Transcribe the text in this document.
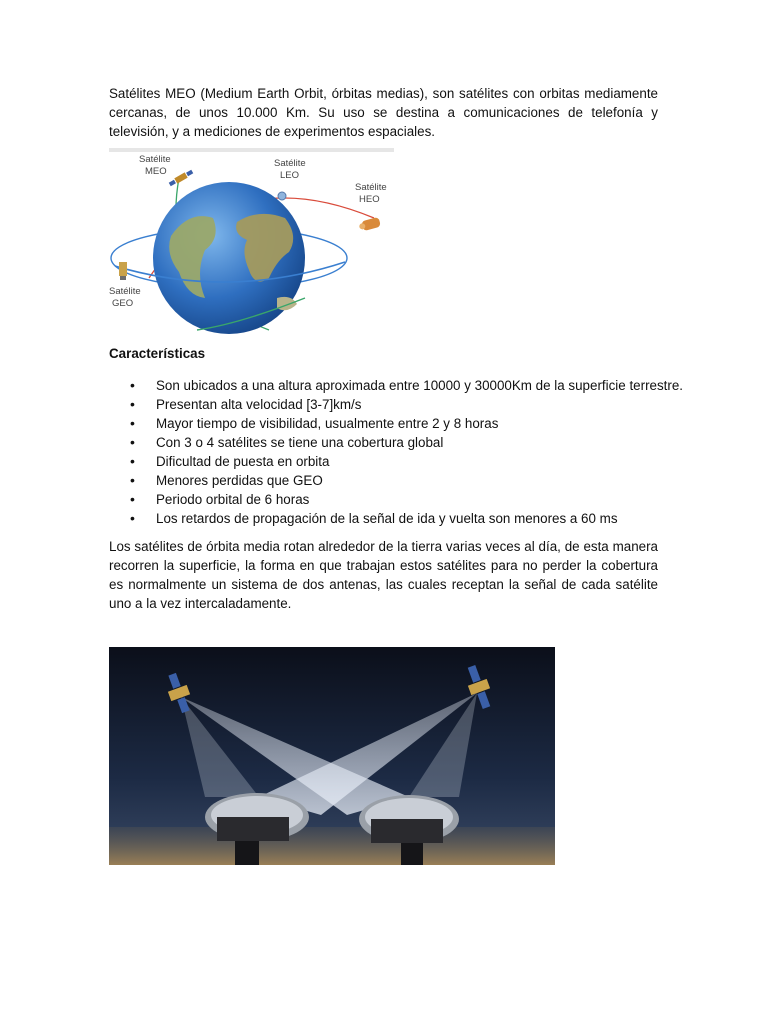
Satélites MEO (Medium Earth Orbit, órbitas medias), son satélites con orbitas mediamente cercanas, de unos 10.000 Km. Su uso se destina a comunicaciones de telefonía y televisión, y a mediciones de experimentos espaciales.

Satélite
MEO
Satélite
LEO
Satélite
HEO
Satélite
GEO

Características

• Son ubicados a una altura aproximada entre 10000 y 30000Km de la superficie terrestre.
• Presentan alta velocidad [3-7]km/s
• Mayor tiempo de visibilidad, usualmente entre 2 y 8 horas
• Con 3 o 4 satélites se tiene una cobertura global
• Dificultad de puesta en orbita
• Menores perdidas que GEO
• Periodo orbital de 6 horas
• Los retardos de propagación de la señal de ida y vuelta son menores a 60 ms

Los satélites de órbita media rotan alrededor de la tierra varias veces al día, de esta manera recorren la superficie, la forma en que trabajan estos satélites para no perder la cobertura es normalmente un sistema de dos antenas, las cuales receptan la señal de cada satélite uno a la vez intercaladamente.
